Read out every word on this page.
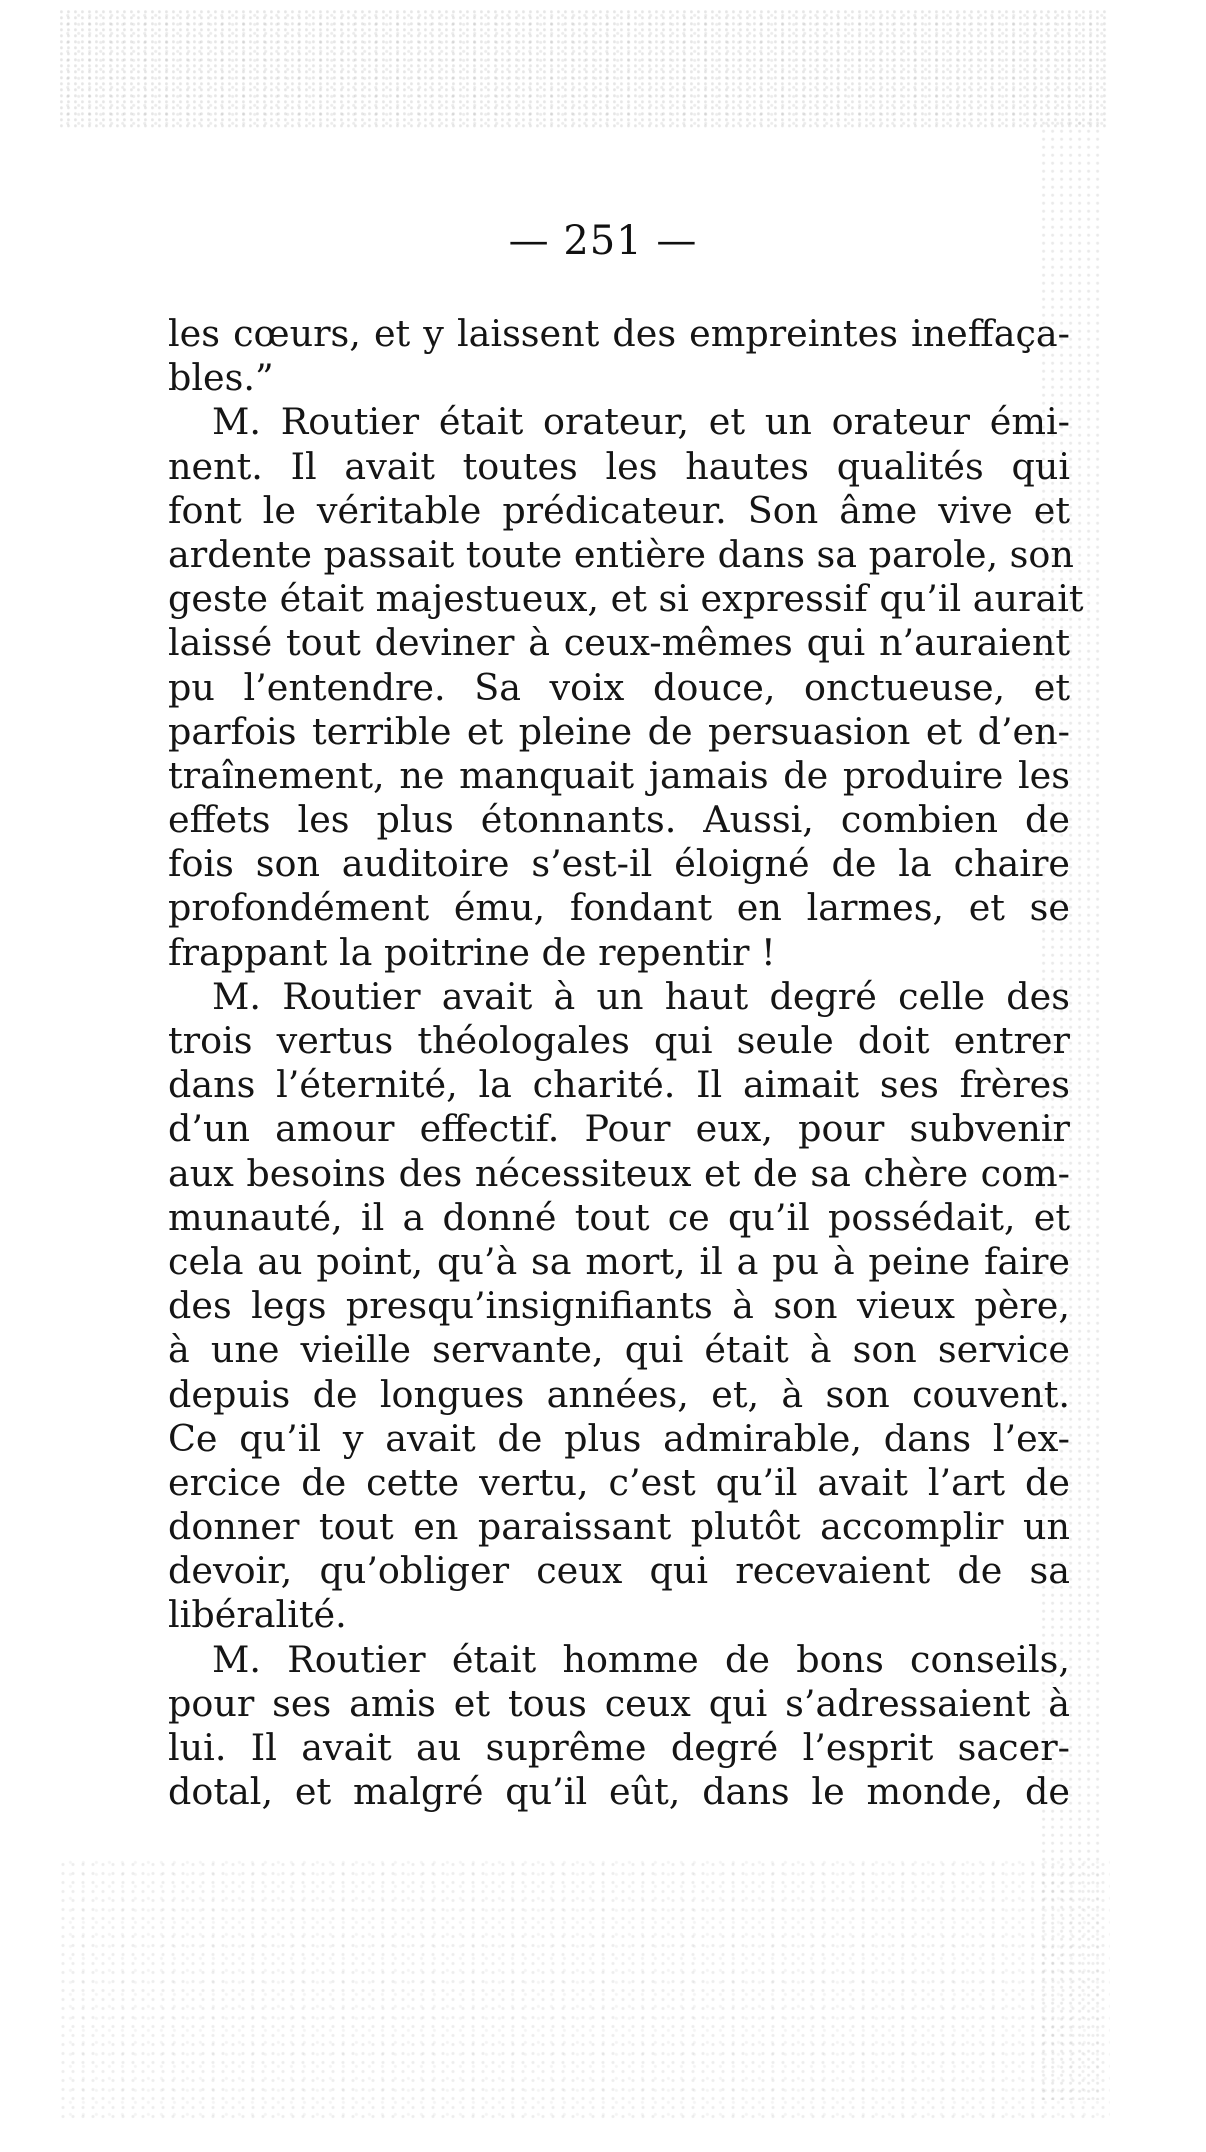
— 251 —
les cœurs, et y laissent des empreintes ineffaça-
bles.”
M. Routier était orateur, et un orateur émi-
nent. Il avait toutes les hautes qualités qui
font le véritable prédicateur. Son âme vive et
ardente passait toute entière dans sa parole, son
geste était majestueux, et si expressif qu’il aurait
laissé tout deviner à ceux-mêmes qui n’auraient
pu l’entendre. Sa voix douce, onctueuse, et
parfois terrible et pleine de persuasion et d’en-
traînement, ne manquait jamais de produire les
effets les plus étonnants. Aussi, combien de
fois son auditoire s’est-il éloigné de la chaire
profondément ému, fondant en larmes, et se
frappant la poitrine de repentir !
M. Routier avait à un haut degré celle des
trois vertus théologales qui seule doit entrer
dans l’éternité, la charité. Il aimait ses frères
d’un amour effectif. Pour eux, pour subvenir
aux besoins des nécessiteux et de sa chère com-
munauté, il a donné tout ce qu’il possédait, et
cela au point, qu’à sa mort, il a pu à peine faire
des legs presqu’insignifiants à son vieux père,
à une vieille servante, qui était à son service
depuis de longues années, et, à son couvent.
Ce qu’il y avait de plus admirable, dans l’ex-
ercice de cette vertu, c’est qu’il avait l’art de
donner tout en paraissant plutôt accomplir un
devoir, qu’obliger ceux qui recevaient de sa
libéralité.
M. Routier était homme de bons conseils,
pour ses amis et tous ceux qui s’adressaient à
lui. Il avait au suprême degré l’esprit sacer-
dotal, et malgré qu’il eût, dans le monde, de
